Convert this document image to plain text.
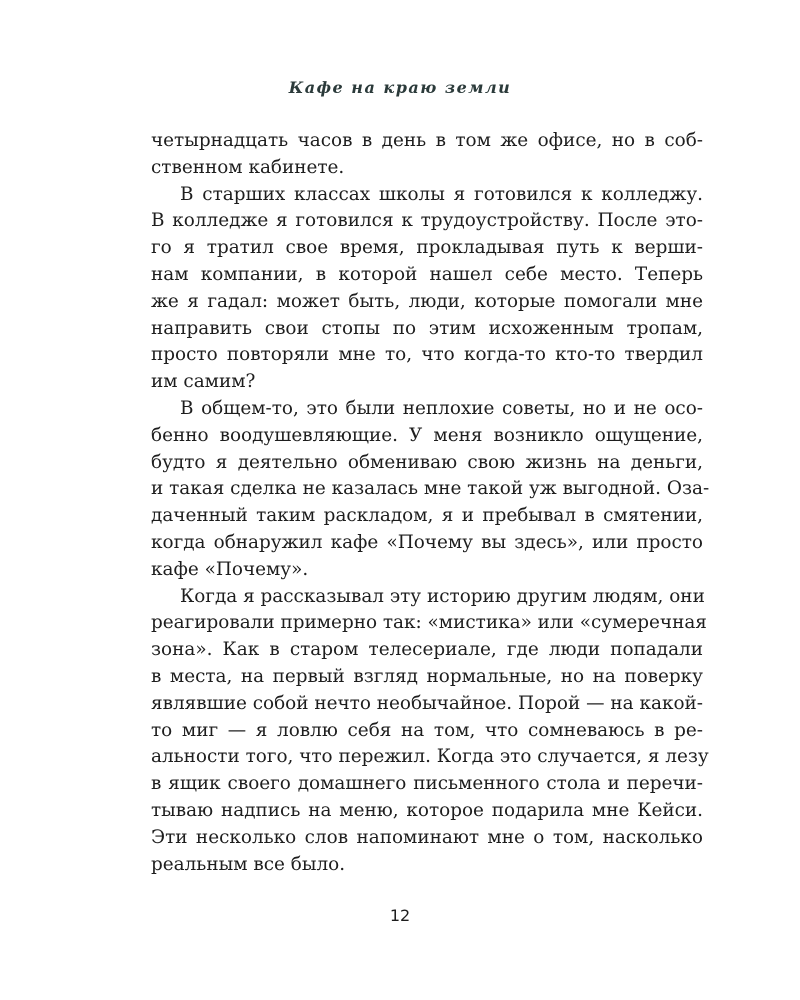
Кафе на краю земли
четырнадцать часов в день в том же офисе, но в соб-
ственном кабинете.
В старших классах школы я готовился к колледжу.
В колледже я готовился к трудоустройству. После это-
го я тратил свое время, прокладывая путь к верши-
нам компании, в которой нашел себе место. Теперь
же я гадал: может быть, люди, которые помогали мне
направить свои стопы по этим исхоженным тропам,
просто повторяли мне то, что когда-то кто-то твердил
им самим?
В общем-то, это были неплохие советы, но и не осо-
бенно воодушевляющие. У меня возникло ощущение,
будто я деятельно обмениваю свою жизнь на деньги,
и такая сделка не казалась мне такой уж выгодной. Оза-
даченный таким раскладом, я и пребывал в смятении,
когда обнаружил кафе «Почему вы здесь», или просто
кафе «Почему».
Когда я рассказывал эту историю другим людям, они
реагировали примерно так: «мистика» или «сумеречная
зона». Как в старом телесериале, где люди попадали
в места, на первый взгляд нормальные, но на поверку
являвшие собой нечто необычайное. Порой — на какой-
то миг — я ловлю себя на том, что сомневаюсь в ре-
альности того, что пережил. Когда это случается, я лезу
в ящик своего домашнего письменного стола и перечи-
тываю надпись на меню, которое подарила мне Кейси.
Эти несколько слов напоминают мне о том, насколько
реальным все было.
12
